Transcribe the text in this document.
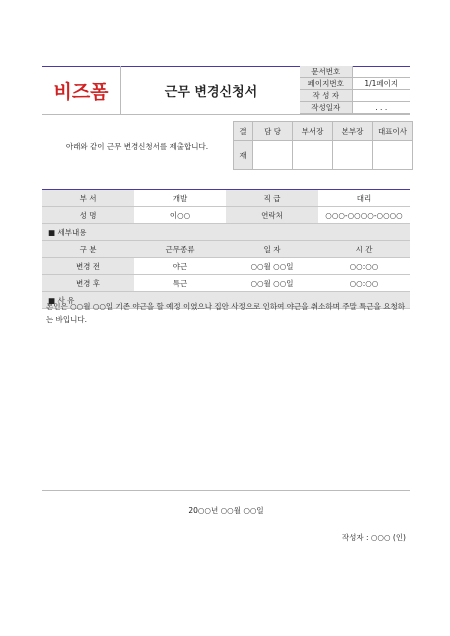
비즈폼	근무 변경신청서
문서번호	
페이지번호	1/1페이지
작 성 자	
작성일자	. . .
아래와 같이 근무 변경신청서를 제출합니다.
결	담 당	부서장	본부장	대표이사
재				
부 서	개발	직 급	대리
성 명	이○○	연락처	○○○-○○○○-○○○○
■ 세부내용			
구 분	근무종류	일 자	시 간
변경 전	야근	○○월 ○○일	○○:○○
변경 후	특근	○○월 ○○일	○○:○○
■ 사 유			
본인은 ○○월 ○○일 기존 야근을 할 예정 이였으나 집안 사정으로 인하여 야근을 취소하며 주말 특근을 요청하는 바입니다.
20○○년 ○○월 ○○일
작성자 : ○○○ (인)
